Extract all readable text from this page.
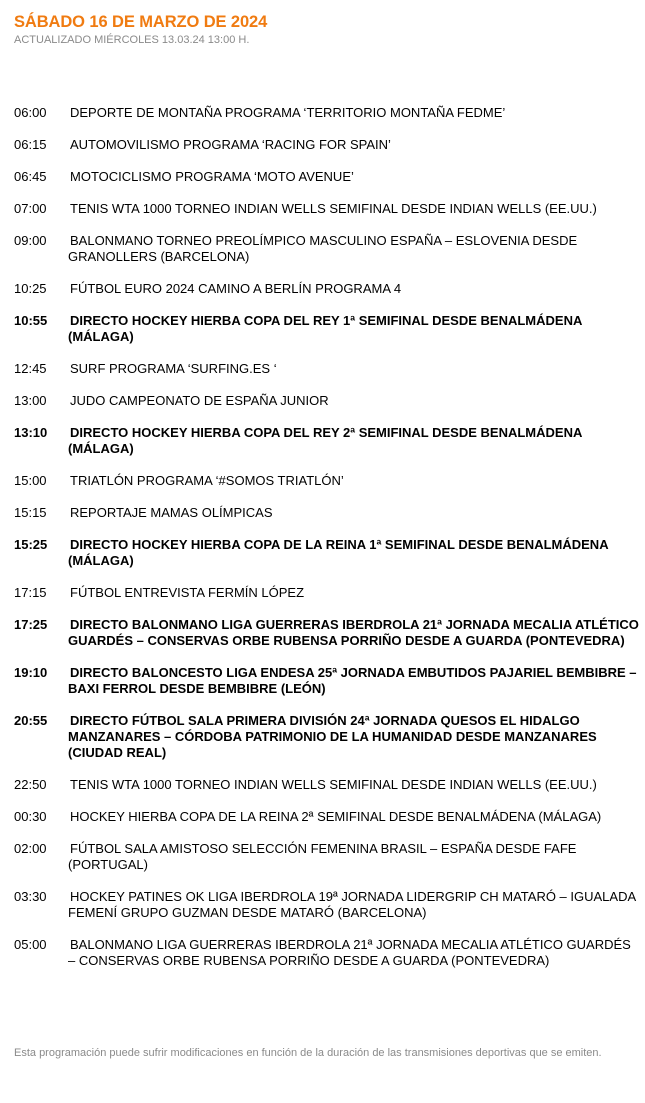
SÁBADO 16 DE MARZO DE 2024

ACTUALIZADO MIÉRCOLES 13.03.24 13:00 H.

06:00	DEPORTE DE MONTAÑA PROGRAMA ‘TERRITORIO MONTAÑA FEDME’
06:15	AUTOMOVILISMO PROGRAMA ‘RACING FOR SPAIN’
06:45	MOTOCICLISMO PROGRAMA ‘MOTO AVENUE’
07:00	TENIS WTA 1000 TORNEO INDIAN WELLS SEMIFINAL DESDE INDIAN WELLS (EE.UU.)
09:00	BALONMANO TORNEO PREOLÍMPICO MASCULINO ESPAÑA – ESLOVENIA DESDE GRANOLLERS (BARCELONA)
10:25	FÚTBOL EURO 2024 CAMINO A BERLÍN PROGRAMA 4
10:55	DIRECTO HOCKEY HIERBA COPA DEL REY 1ª SEMIFINAL DESDE BENALMÁDENA (MÁLAGA)
12:45	SURF PROGRAMA ‘SURFING.ES ‘
13:00	JUDO CAMPEONATO DE ESPAÑA JUNIOR
13:10	DIRECTO HOCKEY HIERBA COPA DEL REY 2ª SEMIFINAL DESDE BENALMÁDENA (MÁLAGA)
15:00	TRIATLÓN PROGRAMA ‘#SOMOS TRIATLÓN’
15:15	REPORTAJE MAMAS OLÍMPICAS
15:25	DIRECTO HOCKEY HIERBA COPA DE LA REINA 1ª SEMIFINAL DESDE BENALMÁDENA (MÁLAGA)
17:15	FÚTBOL ENTREVISTA FERMÍN LÓPEZ
17:25	DIRECTO BALONMANO LIGA GUERRERAS IBERDROLA 21ª JORNADA MECALIA ATLÉTICO GUARDÉS – CONSERVAS ORBE RUBENSA PORRIÑO DESDE A GUARDA (PONTEVEDRA)
19:10	DIRECTO BALONCESTO LIGA ENDESA 25ª JORNADA EMBUTIDOS PAJARIEL BEMBIBRE – BAXI FERROL DESDE BEMBIBRE (LEÓN)
20:55	DIRECTO FÚTBOL SALA PRIMERA DIVISIÓN 24ª JORNADA QUESOS EL HIDALGO MANZANARES – CÓRDOBA PATRIMONIO DE LA HUMANIDAD DESDE MANZANARES (CIUDAD REAL)
22:50	TENIS WTA 1000 TORNEO INDIAN WELLS SEMIFINAL DESDE INDIAN WELLS (EE.UU.)
00:30	HOCKEY HIERBA COPA DE LA REINA 2ª SEMIFINAL DESDE BENALMÁDENA (MÁLAGA)
02:00	FÚTBOL SALA AMISTOSO SELECCIÓN FEMENINA BRASIL – ESPAÑA DESDE FAFE (PORTUGAL)
03:30	HOCKEY PATINES OK LIGA IBERDROLA 19ª JORNADA LIDERGRIP CH MATARÓ – IGUALADA FEMENÍ GRUPO GUZMAN DESDE MATARÓ (BARCELONA)
05:00	BALONMANO LIGA GUERRERAS IBERDROLA 21ª JORNADA MECALIA ATLÉTICO GUARDÉS – CONSERVAS ORBE RUBENSA PORRIÑO DESDE A GUARDA (PONTEVEDRA)

Esta programación puede sufrir modificaciones en función de la duración de las transmisiones deportivas que se emiten.
